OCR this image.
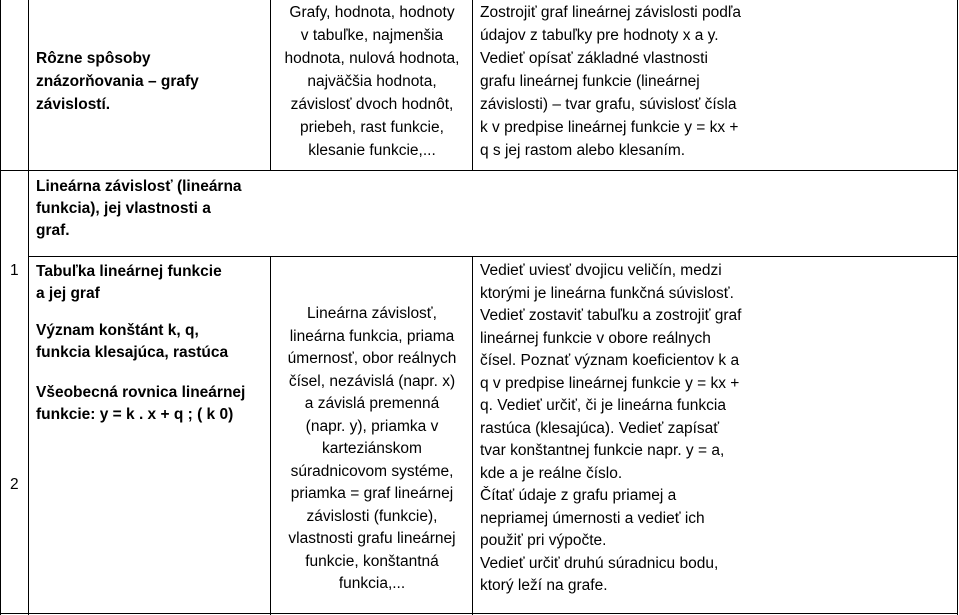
Rôzne spôsoby
znázorňovania – grafy
závislostí.
Grafy, hodnota, hodnoty
v tabuľke, najmenšia
hodnota, nulová hodnota,
najväčšia hodnota,
závislosť dvoch hodnôt,
priebeh, rast funkcie,
klesanie funkcie,...
Zostrojiť graf lineárnej závislosti podľa
údajov z tabuľky pre hodnoty x a y.
Vedieť opísať základné vlastnosti
grafu lineárnej funkcie (lineárnej
závislosti) – tvar grafu, súvislosť čísla
k v predpise lineárnej funkcie y = kx +
q s jej rastom alebo klesaním.
Lineárna závislosť (lineárna
funkcia), jej vlastnosti a
graf.
1
2
Tabuľka lineárnej funkcie
a jej graf
Význam konštánt k, q,
funkcia klesajúca, rastúca
Všeobecná rovnica lineárnej
funkcie: y = k . x + q ; ( k 0)
Lineárna závislosť,
lineárna funkcia, priama
úmernosť, obor reálnych
čísel, nezávislá (napr. x)
a závislá premenná
(napr. y), priamka v
karteziánskom
súradnicovom systéme,
priamka = graf lineárnej
závislosti (funkcie),
vlastnosti grafu lineárnej
funkcie, konštantná
funkcia,...
Vedieť uviesť dvojicu veličín, medzi
ktorými je lineárna funkčná súvislosť.
Vedieť zostaviť tabuľku a zostrojiť graf
lineárnej funkcie v obore reálnych
čísel. Poznať význam koeficientov k a
q v predpise lineárnej funkcie y = kx +
q. Vedieť určiť, či je lineárna funkcia
rastúca (klesajúca). Vedieť zapísať
tvar konštantnej funkcie napr. y = a,
kde a je reálne číslo.
Čítať údaje z grafu priamej a
nepriamej úmernosti a vedieť ich
použiť pri výpočte.
Vedieť určiť druhú súradnicu bodu,
ktorý leží na grafe.
